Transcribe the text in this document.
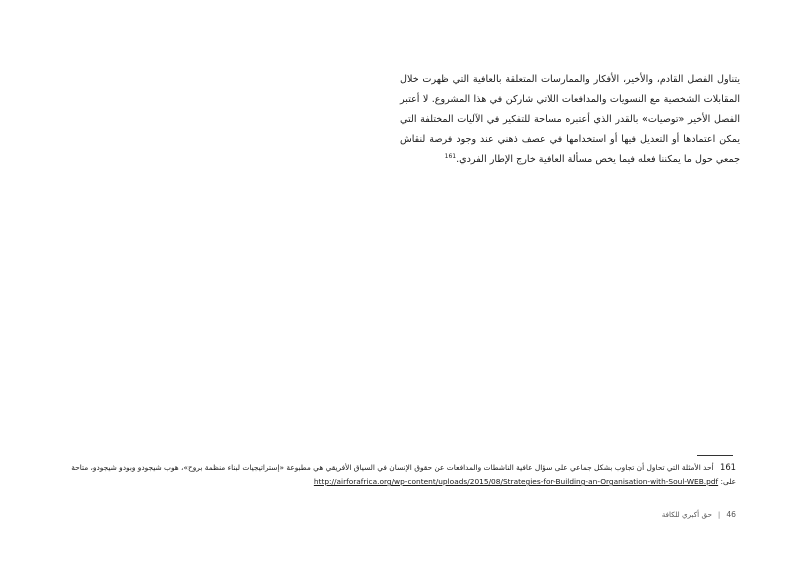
يتناول الفصل القادم، والأخير، الأفكار والممارسات المتعلقة بالعافية التي ظهرت خلال المقابلات الشخصية مع النسويات والمدافعات اللاتي شاركن في هذا المشروع. لا أعتبر الفصل الأخير «توصيات» بالقدر الذي أعتبره مساحة للتفكير في الآليات المختلفة التي يمكن اعتمادها أو التعديل فيها أو استخدامها في عصف ذهني عند وجود فرصة لنقاش جمعي حول ما يمكننا فعله فيما يخص مسألة العافية خارج الإطار الفردي.$^{161}$

161 أحد الأمثلة التي تحاول أن تجاوب بشكل جماعي على سؤال عافية الناشطات والمدافعات عن حقوق الإنسان في السياق الأفريقي هي مطبوعة «إستراتيجيات لبناء منظمة بروح»، هوب شيجودو وبودو شيجودو، متاحة على: http://airforafrica.org/wp-content/uploads/2015/08/Strategies-for-Building-an-Organisation-with-Soul-WEB.pdf
46
|
حق أكبري للكافة
